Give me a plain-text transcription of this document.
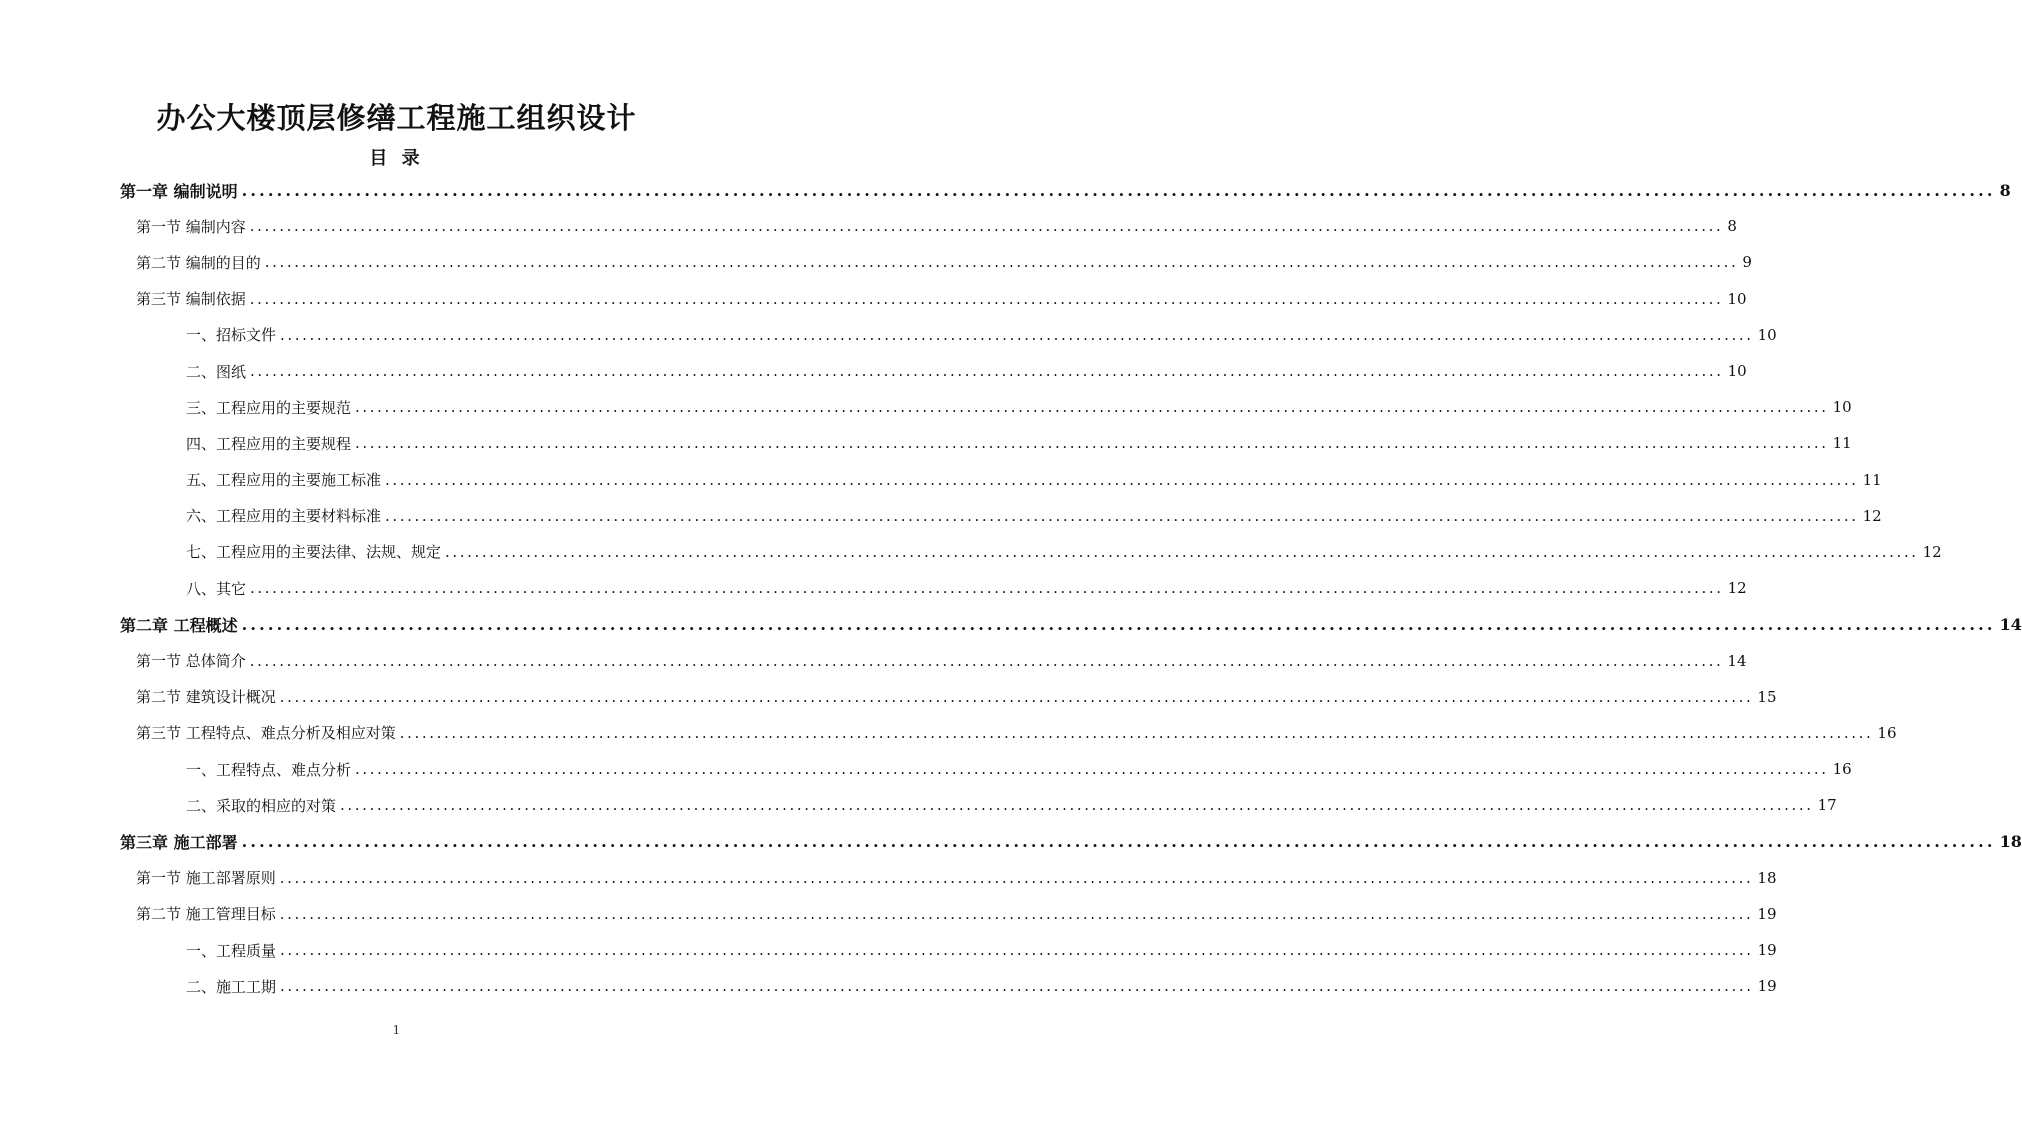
办公大楼顶层修缮工程施工组织设计
目 录
第一章 编制说明 ........................................................................................................................................................................................................ 8
第一节 编制内容 ........................................................................................................................................................................................................ 8
第二节 编制的目的 ........................................................................................................................................................................................................ 9
第三节 编制依据 ........................................................................................................................................................................................................ 10
一、招标文件 ........................................................................................................................................................................................................ 10
二、图纸 ........................................................................................................................................................................................................ 10
三、工程应用的主要规范 ........................................................................................................................................................................................................ 10
四、工程应用的主要规程 ........................................................................................................................................................................................................ 11
五、工程应用的主要施工标准 ........................................................................................................................................................................................................ 11
六、工程应用的主要材料标准 ........................................................................................................................................................................................................ 12
七、工程应用的主要法律、法规、规定 ........................................................................................................................................................................................................ 12
八、其它 ........................................................................................................................................................................................................ 12
第二章 工程概述 ........................................................................................................................................................................................................ 14
第一节 总体简介 ........................................................................................................................................................................................................ 14
第二节 建筑设计概况 ........................................................................................................................................................................................................ 15
第三节 工程特点、难点分析及相应对策 ........................................................................................................................................................................................................ 16
一、工程特点、难点分析 ........................................................................................................................................................................................................ 16
二、采取的相应的对策 ........................................................................................................................................................................................................ 17
第三章 施工部署 ........................................................................................................................................................................................................ 18
第一节 施工部署原则 ........................................................................................................................................................................................................ 18
第二节 施工管理目标 ........................................................................................................................................................................................................ 19
一、工程质量 ........................................................................................................................................................................................................ 19
二、施工工期 ........................................................................................................................................................................................................ 19
1
